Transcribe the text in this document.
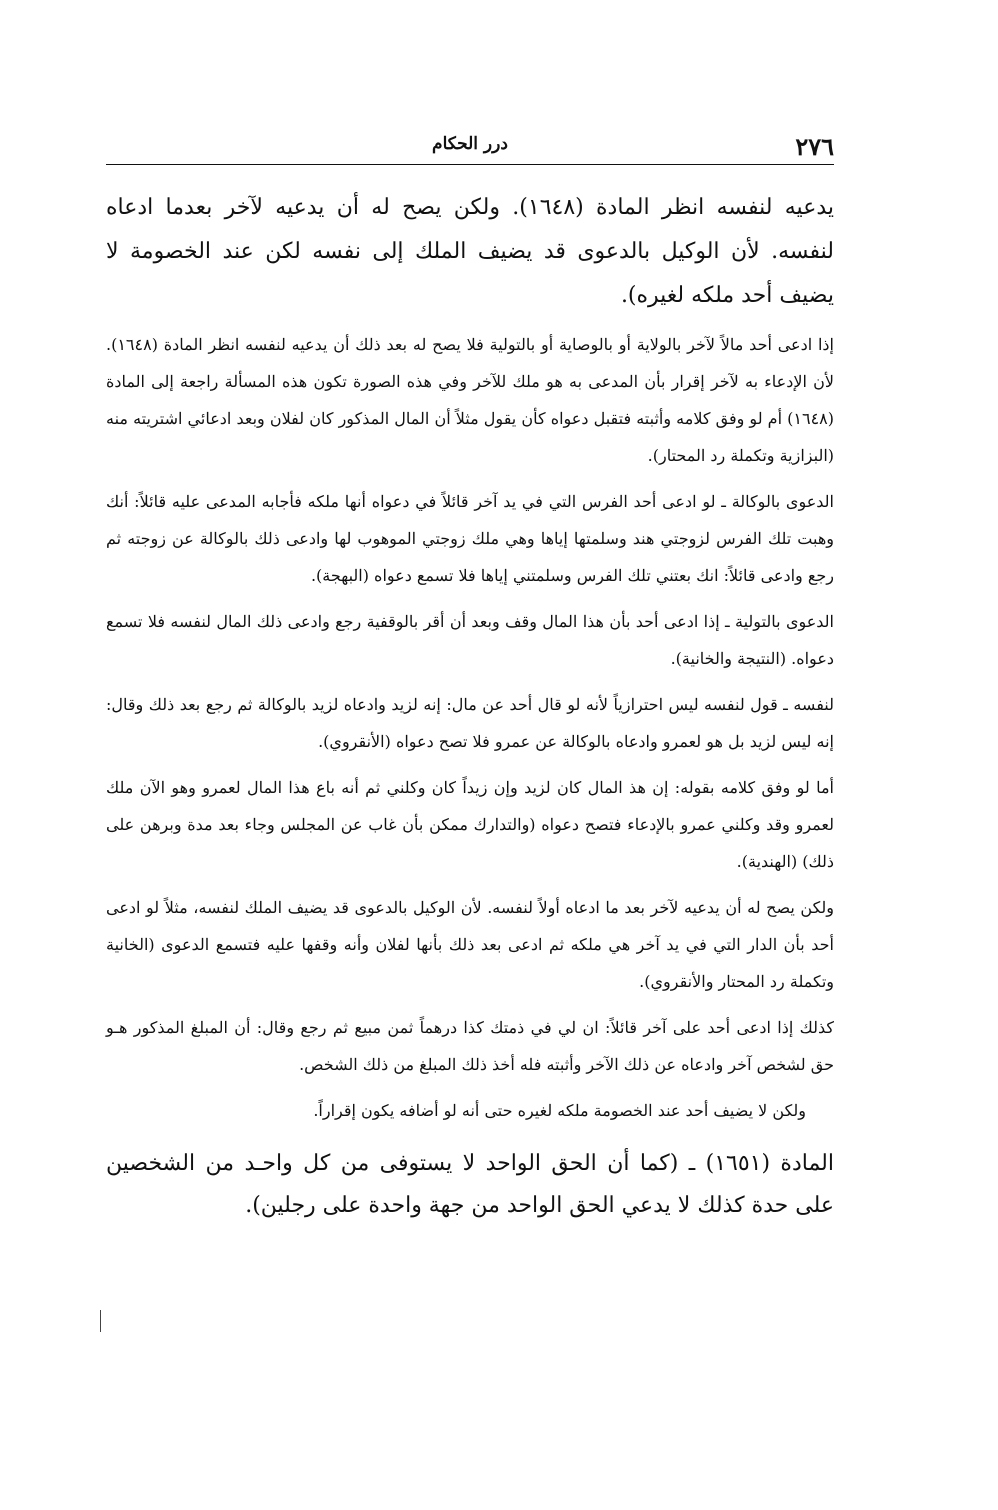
٢٧٦
درر الحكام

يدعيه لنفسه انظر المادة (١٦٤٨). ولكن يصح له أن يدعيه لآخر بعدما ادعاه لنفسه. لأن الوكيل بالدعوى قد يضيف الملك إلى نفسه لكن عند الخصومة لا يضيف أحد ملكه لغيره).

إذا ادعى أحد مالاً لآخر بالولاية أو بالوصاية أو بالتولية فلا يصح له بعد ذلك أن يدعيه لنفسه انظر المادة (١٦٤٨). لأن الإدعاء به لآخر إقرار بأن المدعى به هو ملك للآخر وفي هذه الصورة تكون هذه المسألة راجعة إلى المادة (١٦٤٨) أم لو وفق كلامه وأثبته فتقبل دعواه كأن يقول مثلاً أن المال المذكور كان لفلان وبعد ادعائي اشتريته منه (البزازية وتكملة رد المحتار).

الدعوى بالوكالة ـ لو ادعى أحد الفرس التي في يد آخر قائلاً في دعواه أنها ملكه فأجابه المدعى عليه قائلاً: أنك وهبت تلك الفرس لزوجتي هند وسلمتها إياها وهي ملك زوجتي الموهوب لها وادعى ذلك بالوكالة عن زوجته ثم رجع وادعى قائلاً: انك بعتني تلك الفرس وسلمتني إياها فلا تسمع دعواه (البهجة).

الدعوى بالتولية ـ إذا ادعى أحد بأن هذا المال وقف وبعد أن أقر بالوقفية رجع وادعى ذلك المال لنفسه فلا تسمع دعواه. (النتيجة والخانية).

لنفسه ـ قول لنفسه ليس احترازياً لأنه لو قال أحد عن مال: إنه لزيد وادعاه لزيد بالوكالة ثم رجع بعد ذلك وقال: إنه ليس لزيد بل هو لعمرو وادعاه بالوكالة عن عمرو فلا تصح دعواه (الأنقروي).

أما لو وفق كلامه بقوله: إن هذ المال كان لزيد وإن زيداً كان وكلني ثم أنه باع هذا المال لعمرو وهو الآن ملك لعمرو وقد وكلني عمرو بالإدعاء فتصح دعواه (والتدارك ممكن بأن غاب عن المجلس وجاء بعد مدة وبرهن على ذلك) (الهندية).

ولكن يصح له أن يدعيه لآخر بعد ما ادعاه أولاً لنفسه. لأن الوكيل بالدعوى قد يضيف الملك لنفسه، مثلاً لو ادعى أحد بأن الدار التي في يد آخر هي ملكه ثم ادعى بعد ذلك بأنها لفلان وأنه وقفها عليه فتسمع الدعوى (الخانية وتكملة رد المحتار والأنقروي).

كذلك إذا ادعى أحد على آخر قائلاً: ان لي في ذمتك كذا درهماً ثمن مبيع ثم رجع وقال: أن المبلغ المذكور هـو حق لشخص آخر وادعاه عن ذلك الآخر وأثبته فله أخذ ذلك المبلغ من ذلك الشخص.

ولكن لا يضيف أحد عند الخصومة ملكه لغيره حتى أنه لو أضافه يكون إقراراً.

المادة (١٦٥١) ـ (كما أن الحق الواحد لا يستوفى من كل واحـد من الشخصين على حدة كذلك لا يدعي الحق الواحد من جهة واحدة على رجلين).
